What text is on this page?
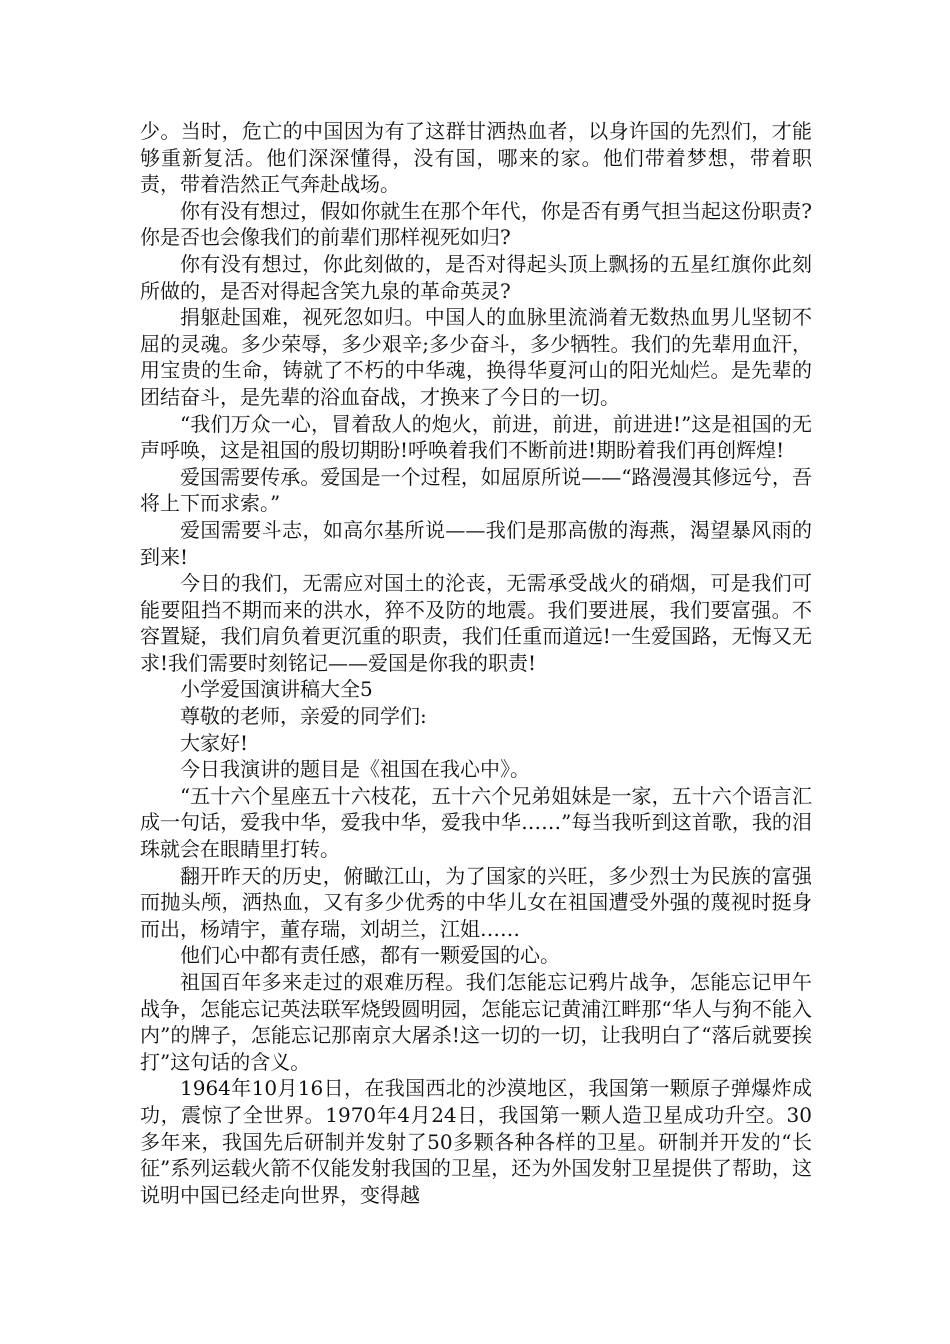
少。当时，危亡的中国因为有了这群甘洒热血者，以身许国的先烈们，才能够重新复活。他们深深懂得，没有国，哪来的家。他们带着梦想，带着职责，带着浩然正气奔赴战场。

你有没有想过，假如你就生在那个年代，你是否有勇气担当起这份职责?你是否也会像我们的前辈们那样视死如归?

你有没有想过，你此刻做的，是否对得起头顶上飘扬的五星红旗你此刻所做的，是否对得起含笑九泉的革命英灵?

捐躯赴国难，视死忽如归。中国人的血脉里流淌着无数热血男儿坚韧不屈的灵魂。多少荣辱，多少艰辛;多少奋斗，多少牺牲。我们的先辈用血汗，用宝贵的生命，铸就了不朽的中华魂，换得华夏河山的阳光灿烂。是先辈的团结奋斗，是先辈的浴血奋战，才换来了今日的一切。

“我们万众一心，冒着敌人的炮火，前进，前进，前进进!”这是祖国的无声呼唤，这是祖国的殷切期盼!呼唤着我们不断前进!期盼着我们再创辉煌!

爱国需要传承。爱国是一个过程，如屈原所说——“路漫漫其修远兮，吾将上下而求索。”

爱国需要斗志，如高尔基所说——我们是那高傲的海燕，渴望暴风雨的到来!

今日的我们，无需应对国土的沦丧，无需承受战火的硝烟，可是我们可能要阻挡不期而来的洪水，猝不及防的地震。我们要进展，我们要富强。不容置疑，我们肩负着更沉重的职责，我们任重而道远!一生爱国路，无悔又无求!我们需要时刻铭记——爱国是你我的职责!

小学爱国演讲稿大全5

尊敬的老师，亲爱的同学们:

大家好!

今日我演讲的题目是《祖国在我心中》。

“五十六个星座五十六枝花，五十六个兄弟姐妹是一家，五十六个语言汇成一句话，爱我中华，爱我中华，爱我中华……”每当我听到这首歌，我的泪珠就会在眼睛里打转。

翻开昨天的历史，俯瞰江山，为了国家的兴旺，多少烈士为民族的富强而抛头颅，洒热血，又有多少优秀的中华儿女在祖国遭受外强的蔑视时挺身而出，杨靖宇，董存瑞，刘胡兰，江姐……

他们心中都有责任感，都有一颗爱国的心。

祖国百年多来走过的艰难历程。我们怎能忘记鸦片战争，怎能忘记甲午战争，怎能忘记英法联军烧毁圆明园，怎能忘记黄浦江畔那“华人与狗不能入内”的牌子，怎能忘记那南京大屠杀!这一切的一切，让我明白了“落后就要挨打”这句话的含义。

1964年10月16日，在我国西北的沙漠地区，我国第一颗原子弹爆炸成功，震惊了全世界。1970年4月24日，我国第一颗人造卫星成功升空。30多年来，我国先后研制并发射了50多颗各种各样的卫星。研制并开发的“长征”系列运载火箭不仅能发射我国的卫星，还为外国发射卫星提供了帮助，这说明中国已经走向世界，变得越
